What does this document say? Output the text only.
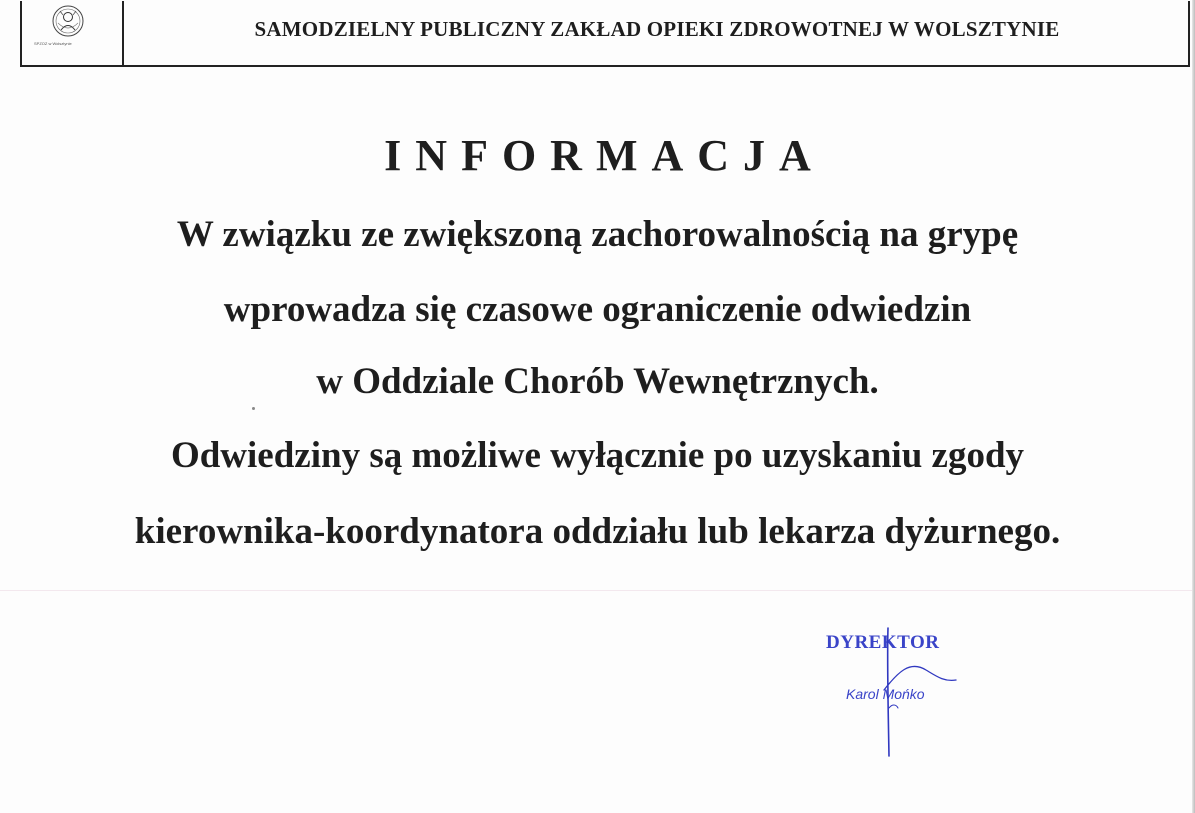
SPZOZ w Wolsztynie
SAMODZIELNY PUBLICZNY ZAKŁAD OPIEKI ZDROWOTNEJ W WOLSZTYNIE
INFORMACJA
W związku ze zwiększoną zachorowalnością na grypę
wprowadza się czasowe ograniczenie odwiedzin
w Oddziale Chorób Wewnętrznych.
Odwiedziny są możliwe wyłącznie po uzyskaniu zgody
kierownika-koordynatora oddziału lub lekarza dyżurnego.
DYREKTOR
Karol Mońko
